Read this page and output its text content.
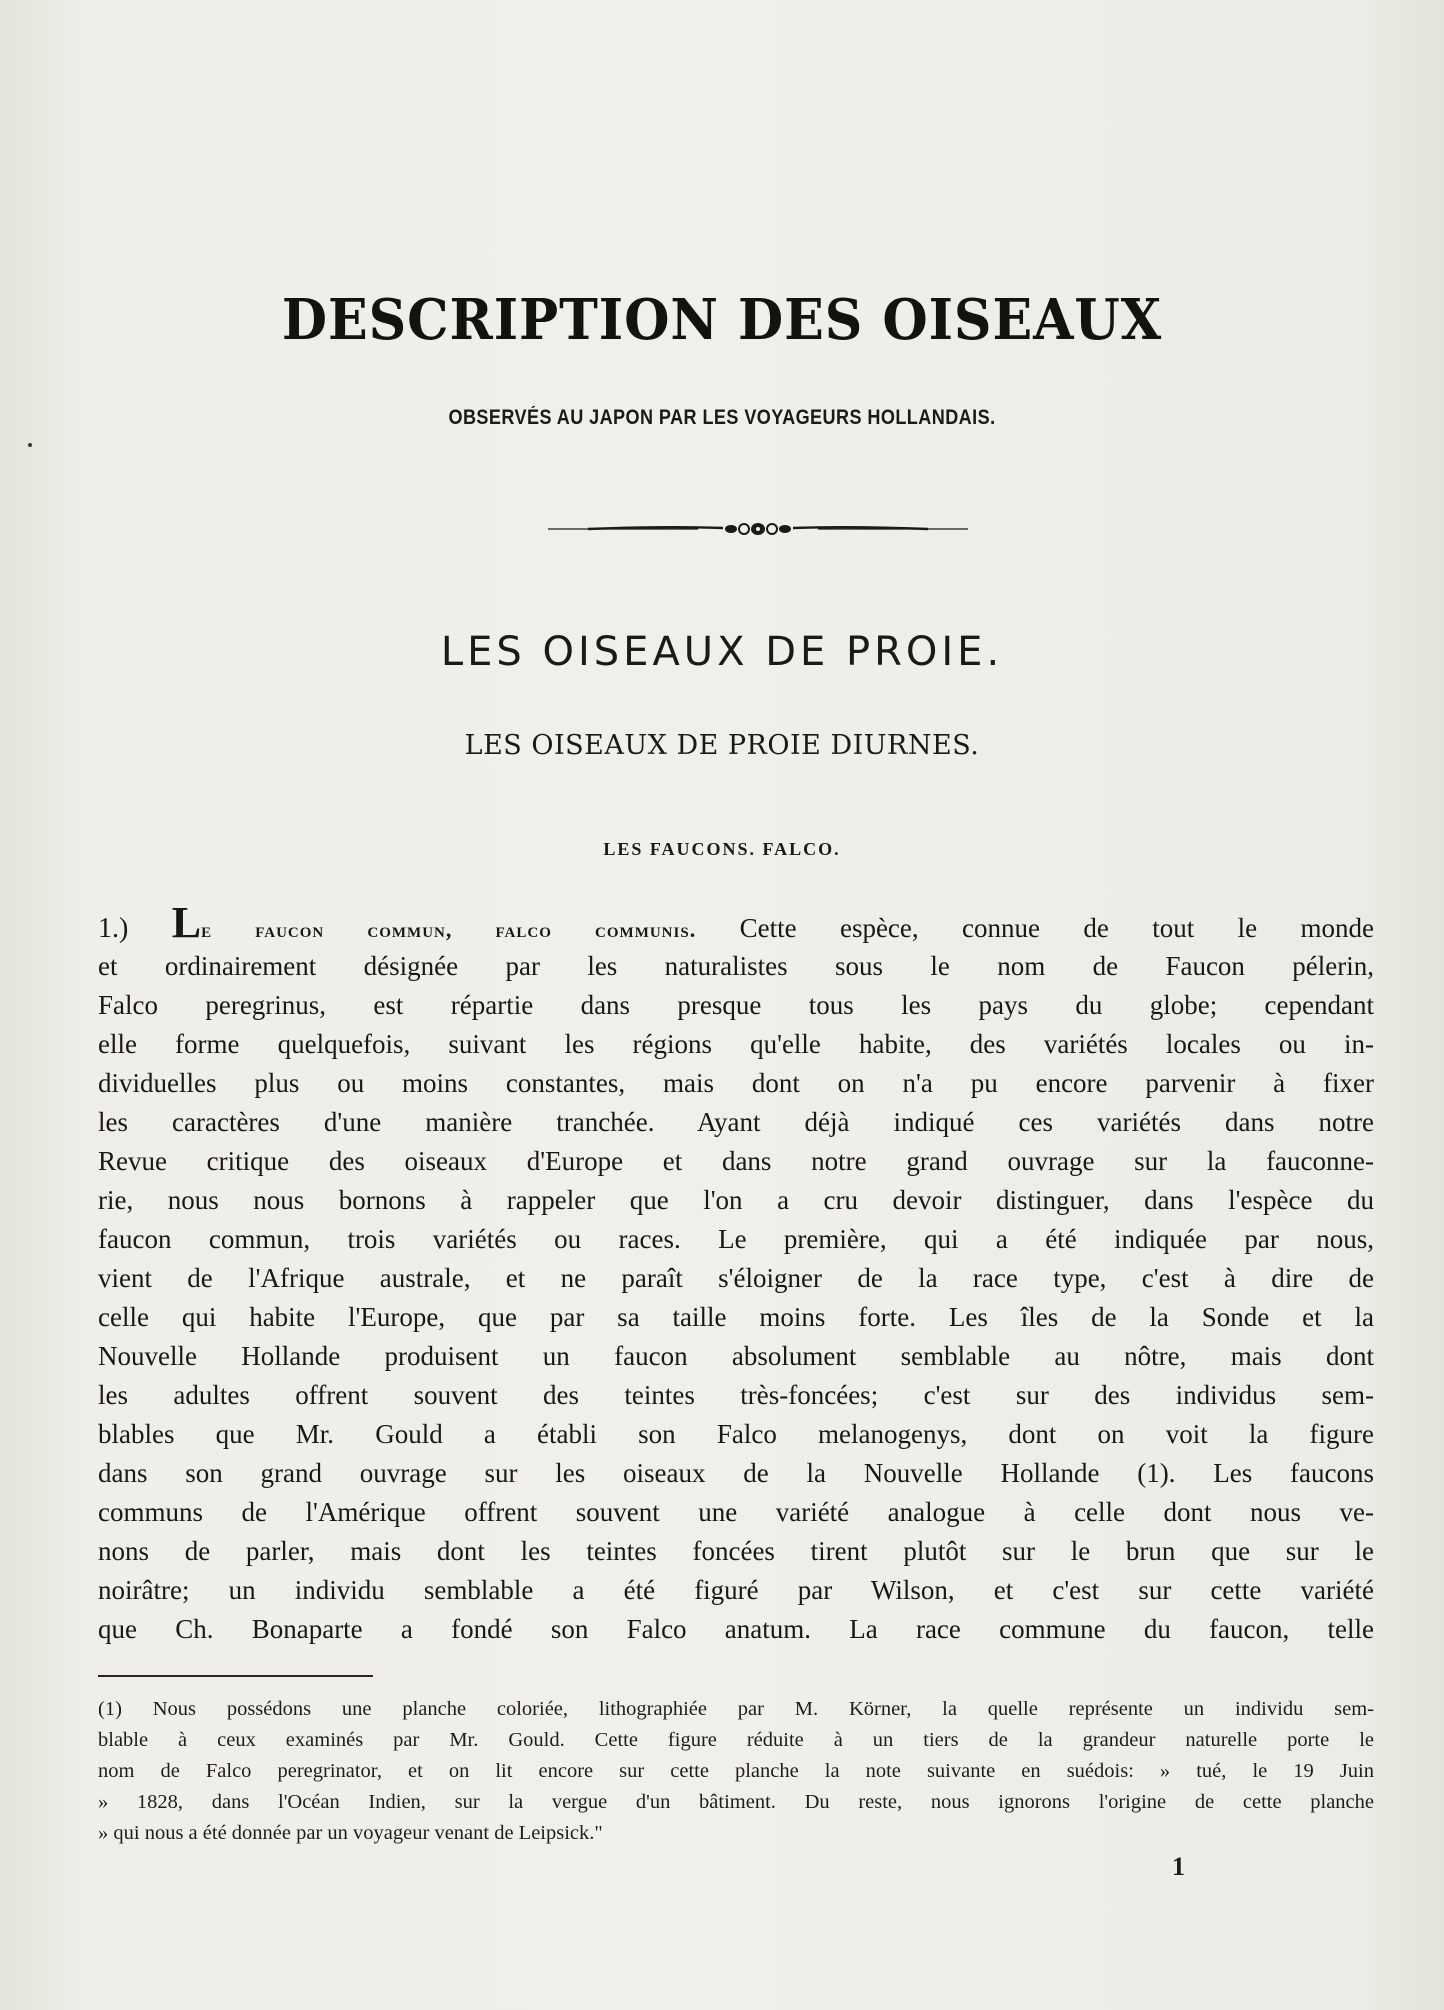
DESCRIPTION DES OISEAUX
OBSERVÉS AU JAPON PAR LES VOYAGEURS HOLLANDAIS.
LES OISEAUX DE PROIE.
LES OISEAUX DE PROIE DIURNES.
LES FAUCONS. FALCO.
1.) Le faucon commun, falco communis. Cette espèce, connue de tout le monde
et ordinairement désignée par les naturalistes sous le nom de Faucon pélerin,
Falco peregrinus, est répartie dans presque tous les pays du globe; cependant
elle forme quelquefois, suivant les régions qu'elle habite, des variétés locales ou in-
dividuelles plus ou moins constantes, mais dont on n'a pu encore parvenir à fixer
les caractères d'une manière tranchée. Ayant déjà indiqué ces variétés dans notre
Revue critique des oiseaux d'Europe et dans notre grand ouvrage sur la fauconne-
rie, nous nous bornons à rappeler que l'on a cru devoir distinguer, dans l'espèce du
faucon commun, trois variétés ou races. Le première, qui a été indiquée par nous,
vient de l'Afrique australe, et ne paraît s'éloigner de la race type, c'est à dire de
celle qui habite l'Europe, que par sa taille moins forte. Les îles de la Sonde et la
Nouvelle Hollande produisent un faucon absolument semblable au nôtre, mais dont
les adultes offrent souvent des teintes très-foncées; c'est sur des individus sem-
blables que Mr. Gould a établi son Falco melanogenys, dont on voit la figure
dans son grand ouvrage sur les oiseaux de la Nouvelle Hollande (1). Les faucons
communs de l'Amérique offrent souvent une variété analogue à celle dont nous ve-
nons de parler, mais dont les teintes foncées tirent plutôt sur le brun que sur le
noirâtre; un individu semblable a été figuré par Wilson, et c'est sur cette variété
que Ch. Bonaparte a fondé son Falco anatum. La race commune du faucon, telle
(1) Nous possédons une planche coloriée, lithographiée par M. Körner, la quelle représente un individu sem-
blable à ceux examinés par Mr. Gould. Cette figure réduite à un tiers de la grandeur naturelle porte le
nom de Falco peregrinator, et on lit encore sur cette planche la note suivante en suédois: » tué, le 19 Juin
» 1828, dans l'Océan Indien, sur la vergue d'un bâtiment. Du reste, nous ignorons l'origine de cette planche
» qui nous a été donnée par un voyageur venant de Leipsick."
1
